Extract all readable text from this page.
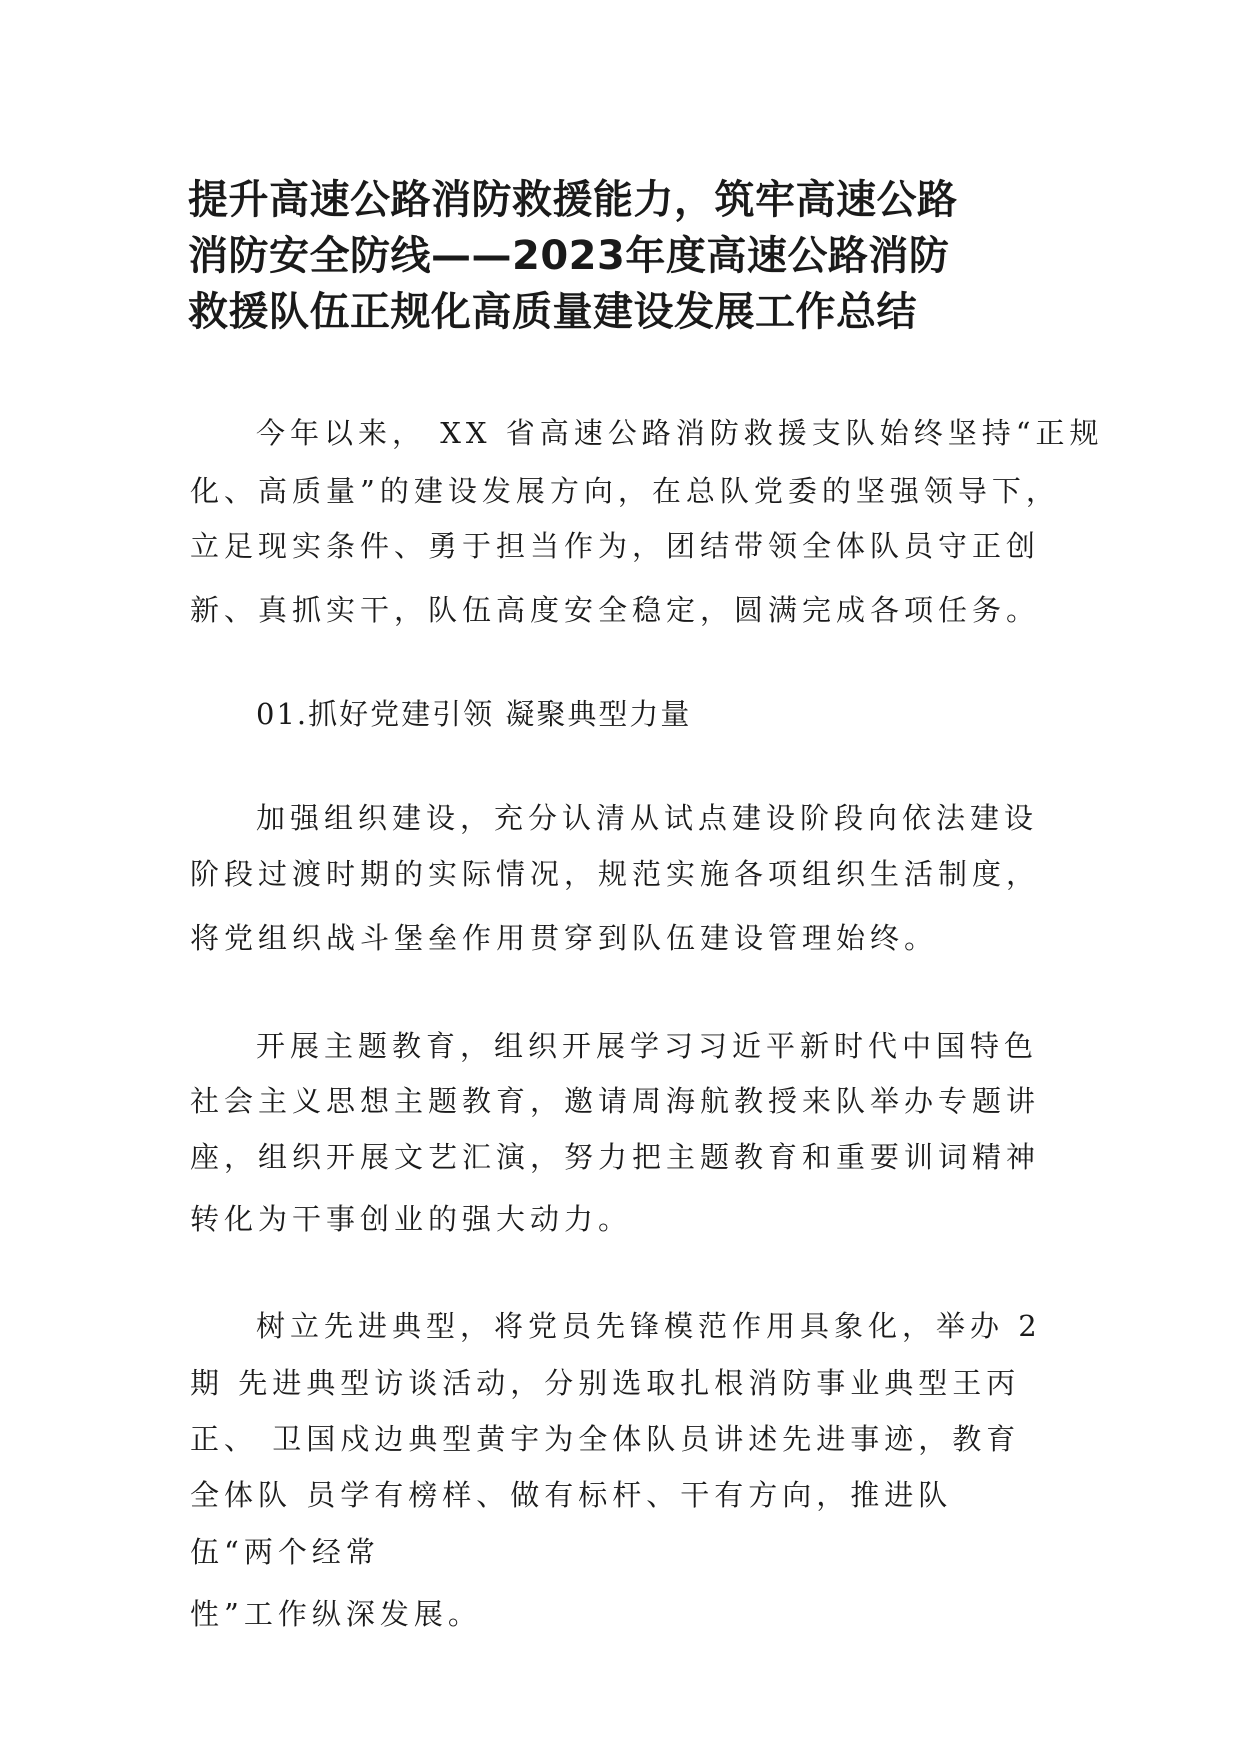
提升高速公路消防救援能力，筑牢高速公路
消防安全防线——2023年度高速公路消防
救援队伍正规化高质量建设发展工作总结
今年以来， XX 省高速公路消防救援支队始终坚持“正规
化、高质量”的建设发展方向，在总队党委的坚强领导下，
立足现实条件、勇于担当作为，团结带领全体队员守正创
新、真抓实干，队伍高度安全稳定，圆满完成各项任务。
01.抓好党建引领 凝聚典型力量
加强组织建设，充分认清从试点建设阶段向依法建设
阶段过渡时期的实际情况，规范实施各项组织生活制度，
将党组织战斗堡垒作用贯穿到队伍建设管理始终。
开展主题教育，组织开展学习习近平新时代中国特色
社会主义思想主题教育，邀请周海航教授来队举办专题讲
座，组织开展文艺汇演，努力把主题教育和重要训词精神
转化为干事创业的强大动力。
树立先进典型，将党员先锋模范作用具象化，举办 2
期 先进典型访谈活动，分别选取扎根消防事业典型王丙
正、 卫国戍边典型黄宇为全体队员讲述先进事迹，教育
全体队 员学有榜样、做有标杆、干有方向，推进队
伍“两个经常
性”工作纵深发展。
